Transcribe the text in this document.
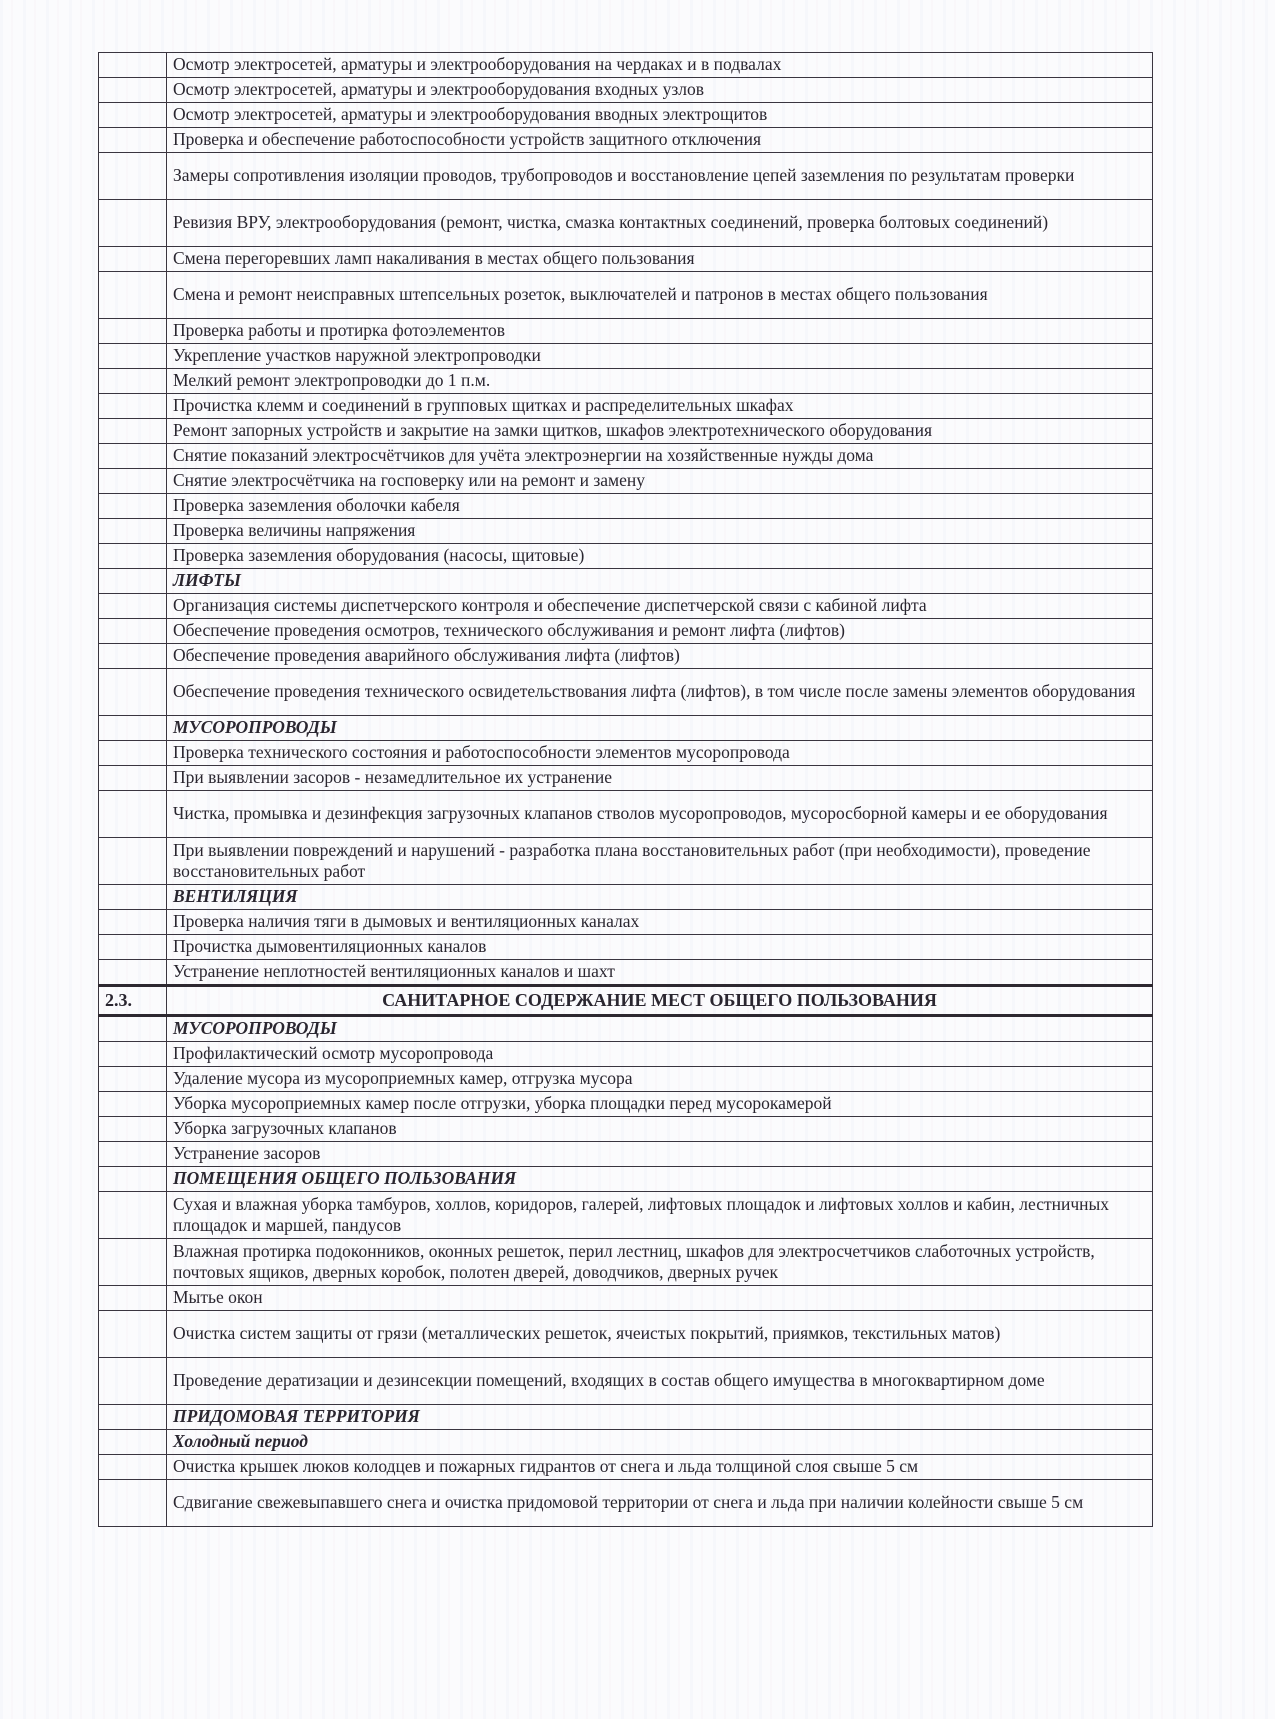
	Осмотр электросетей, арматуры и электрооборудования на чердаках и в подвалах
	Осмотр электросетей, арматуры и электрооборудования входных узлов
	Осмотр электросетей, арматуры и электрооборудования вводных электрощитов
	Проверка и обеспечение работоспособности устройств защитного отключения
	Замеры сопротивления изоляции проводов, трубопроводов и восстановление цепей заземления по результатам проверки
	Ревизия ВРУ, электрооборудования (ремонт, чистка, смазка контактных соединений, проверка болтовых соединений)
	Смена перегоревших ламп накаливания в местах общего пользования
	Смена и ремонт неисправных штепсельных розеток, выключателей и патронов в местах общего пользования
	Проверка работы и протирка фотоэлементов
	Укрепление участков наружной электропроводки
	Мелкий ремонт электропроводки до 1 п.м.
	Прочистка клемм и соединений в групповых щитках и распределительных шкафах
	Ремонт запорных устройств и закрытие на замки щитков, шкафов электротехнического оборудования
	Снятие показаний электросчётчиков для учёта электроэнергии на хозяйственные нужды дома
	Снятие электросчётчика на госповерку или на ремонт и замену
	Проверка заземления оболочки кабеля
	Проверка величины напряжения
	Проверка заземления оборудования (насосы, щитовые)
	ЛИФТЫ
	Организация системы диспетчерского контроля и обеспечение диспетчерской связи с кабиной лифта
	Обеспечение проведения осмотров, технического обслуживания и ремонт лифта (лифтов)
	Обеспечение проведения аварийного обслуживания лифта (лифтов)
	Обеспечение проведения технического освидетельствования лифта (лифтов), в том числе после замены элементов оборудования
	МУСОРОПРОВОДЫ
	Проверка технического состояния и работоспособности элементов мусоропровода
	При выявлении засоров - незамедлительное их устранение
	Чистка, промывка и дезинфекция загрузочных клапанов стволов мусоропроводов, мусоросборной камеры и ее оборудования
	При выявлении повреждений и нарушений - разработка плана восстановительных работ (при необходимости), проведение восстановительных работ
	ВЕНТИЛЯЦИЯ
	Проверка наличия тяги в дымовых и вентиляционных каналах
	Прочистка дымовентиляционных каналов
	Устранение неплотностей вентиляционных каналов и шахт
2.3.	САНИТАРНОЕ СОДЕРЖАНИЕ МЕСТ ОБЩЕГО ПОЛЬЗОВАНИЯ
	МУСОРОПРОВОДЫ
	Профилактический осмотр мусоропровода
	Удаление мусора из мусороприемных камер, отгрузка мусора
	Уборка мусороприемных камер после отгрузки, уборка площадки перед мусорокамерой
	Уборка загрузочных клапанов
	Устранение засоров
	ПОМЕЩЕНИЯ ОБЩЕГО ПОЛЬЗОВАНИЯ
	Сухая и влажная уборка тамбуров, холлов, коридоров, галерей, лифтовых площадок и лифтовых холлов и кабин, лестничных площадок и маршей, пандусов
	Влажная протирка подоконников, оконных решеток, перил лестниц, шкафов для электросчетчиков слаботочных устройств, почтовых ящиков, дверных коробок, полотен дверей, доводчиков, дверных ручек
	Мытье окон
	Очистка систем защиты от грязи (металлических решеток, ячеистых покрытий, приямков, текстильных матов)
	Проведение дератизации и дезинсекции помещений, входящих в состав общего имущества в многоквартирном доме
	ПРИДОМОВАЯ ТЕРРИТОРИЯ
	Холодный период
	Очистка крышек люков колодцев и пожарных гидрантов от снега и льда толщиной слоя свыше 5 см
	Сдвигание свежевыпавшего снега и очистка придомовой территории от снега и льда при наличии колейности свыше 5 см
